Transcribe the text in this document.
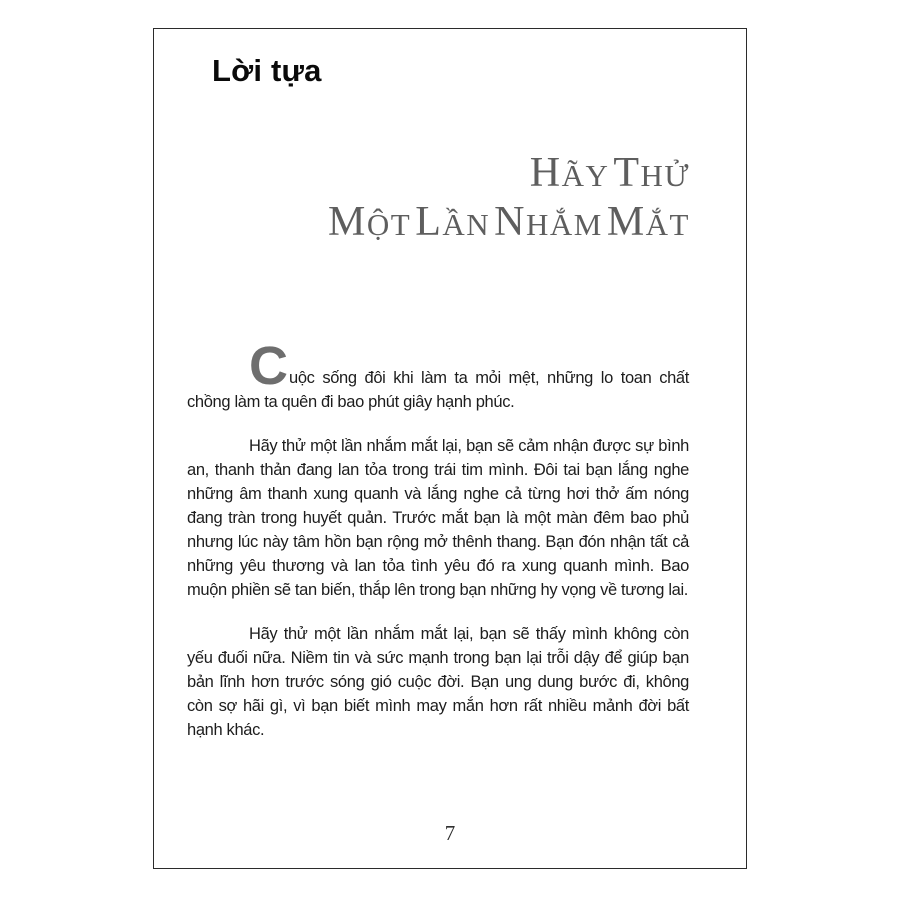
Lời tựa
HÃY THỬ
MỘT LẦN NHẮM MẮT

Cuộc sống đôi khi làm ta mỏi mệt, những lo toan chất chồng làm ta quên đi bao phút giây hạnh phúc.

Hãy thử một lần nhắm mắt lại, bạn sẽ cảm nhận được sự bình an, thanh thản đang lan tỏa trong trái tim mình. Đôi tai bạn lắng nghe những âm thanh xung quanh và lắng nghe cả từng hơi thở ấm nóng đang tràn trong huyết quản. Trước mắt bạn là một màn đêm bao phủ nhưng lúc này tâm hồn bạn rộng mở thênh thang. Bạn đón nhận tất cả những yêu thương và lan tỏa tình yêu đó ra xung quanh mình. Bao muộn phiền sẽ tan biến, thắp lên trong bạn những hy vọng về tương lai.

Hãy thử một lần nhắm mắt lại, bạn sẽ thấy mình không còn yếu đuối nữa. Niềm tin và sức mạnh trong bạn lại trỗi dậy để giúp bạn bản lĩnh hơn trước sóng gió cuộc đời. Bạn ung dung bước đi, không còn sợ hãi gì, vì bạn biết mình may mắn hơn rất nhiều mảnh đời bất hạnh khác.

7
